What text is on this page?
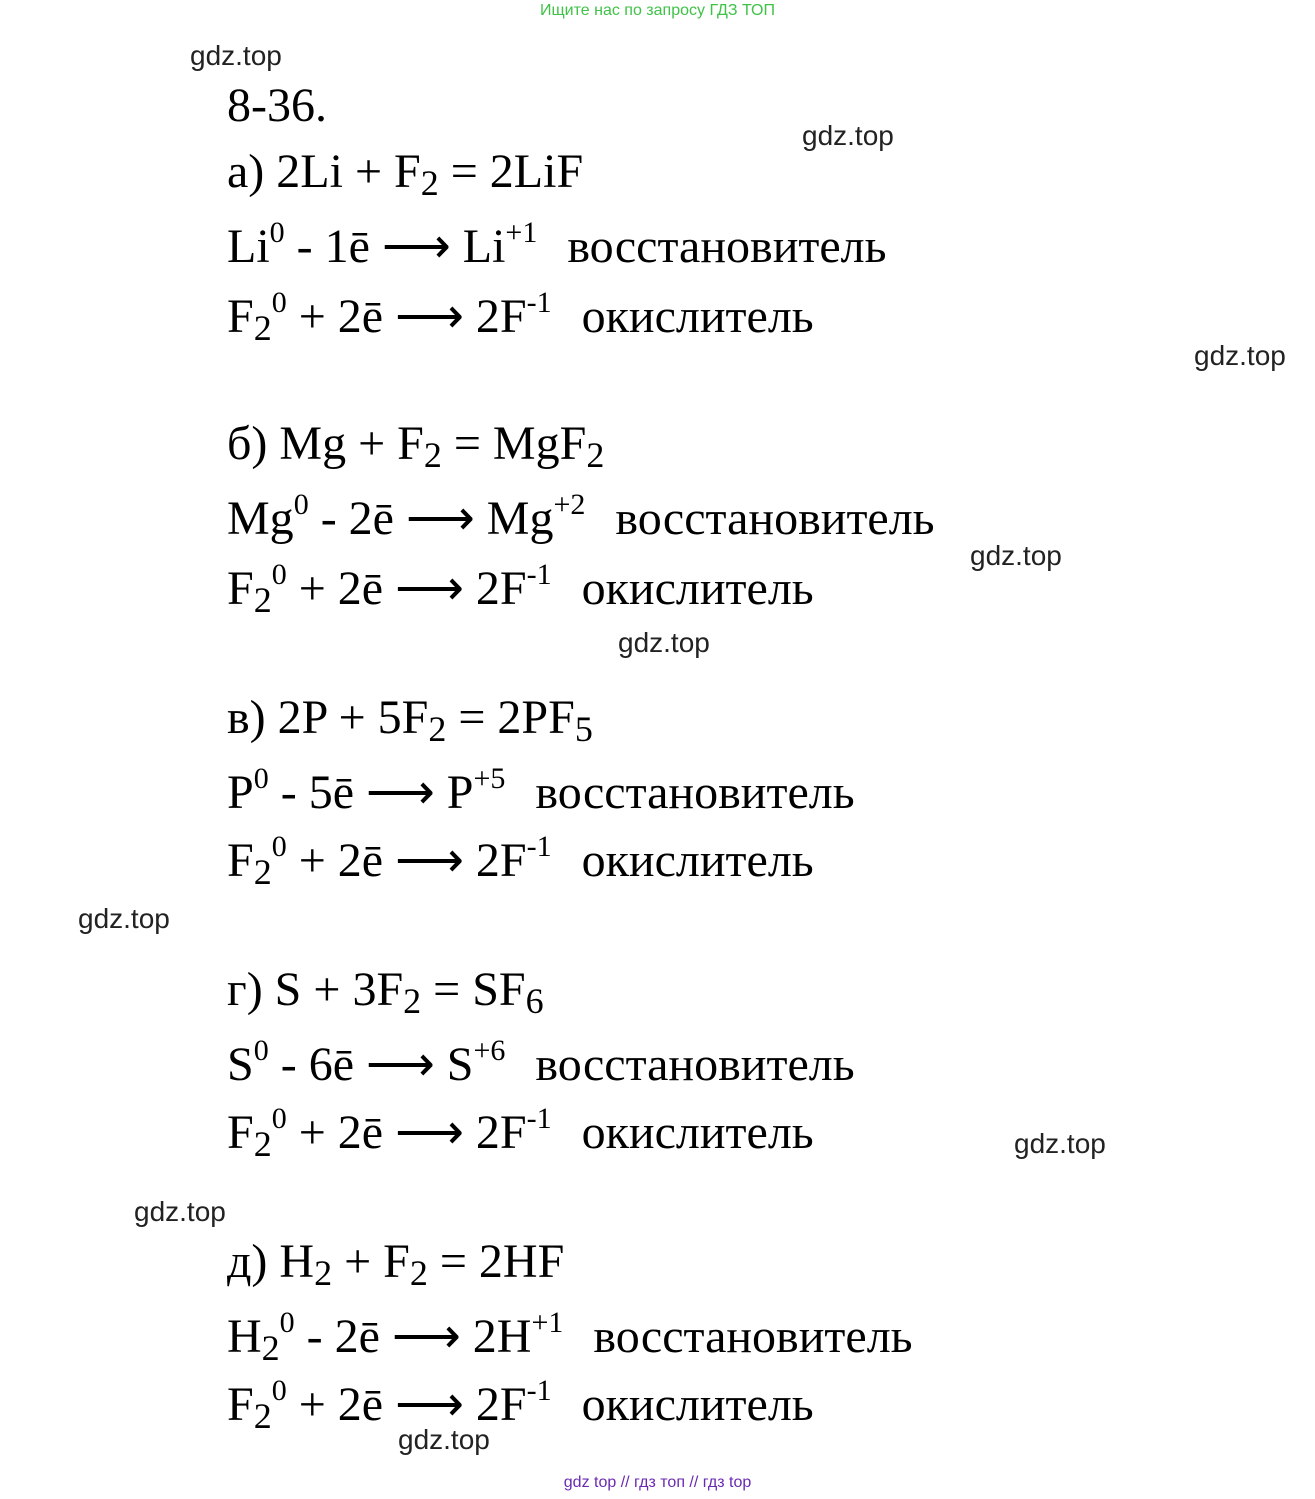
Ищите нас по запросу ГДЗ ТОП
gdz.top
gdz.top
gdz.top
gdz.top
gdz.top
gdz.top
gdz.top
gdz.top
gdz.top
8-36.
а) $2Li + F_2 = 2LiF$
Li$^0$ - 1ē ⟶ $Li^{+1}$ восстановитель
$F_2^0$ + 2ē ⟶ $2F^{-1}$ окислитель
б) $Mg + F_2 = MgF_2$
Mg$^0$ - 2ē ⟶ $Mg^{+2}$ восстановитель
$F_2^0$ + 2ē ⟶ $2F^{-1}$ окислитель
в) $2P + 5F_2 = 2PF_5$
$P^0$ - 5ē ⟶ $P^{+5}$ восстановитель
$F_2^0$ + 2ē ⟶ $2F^{-1}$ окислитель
г) $S + 3F_2 = SF_6$
$S^0$ - 6ē ⟶ $S^{+6}$ восстановитель
$F_2^0$ + 2ē ⟶ $2F^{-1}$ окислитель
д) $H_2 + F_2 = 2HF$
$H_2^0$ - 2ē ⟶ $2H^{+1}$ восстановитель
$F_2^0$ + 2ē ⟶ $2F^{-1}$ окислитель
gdz top // гдз топ // гдз top
